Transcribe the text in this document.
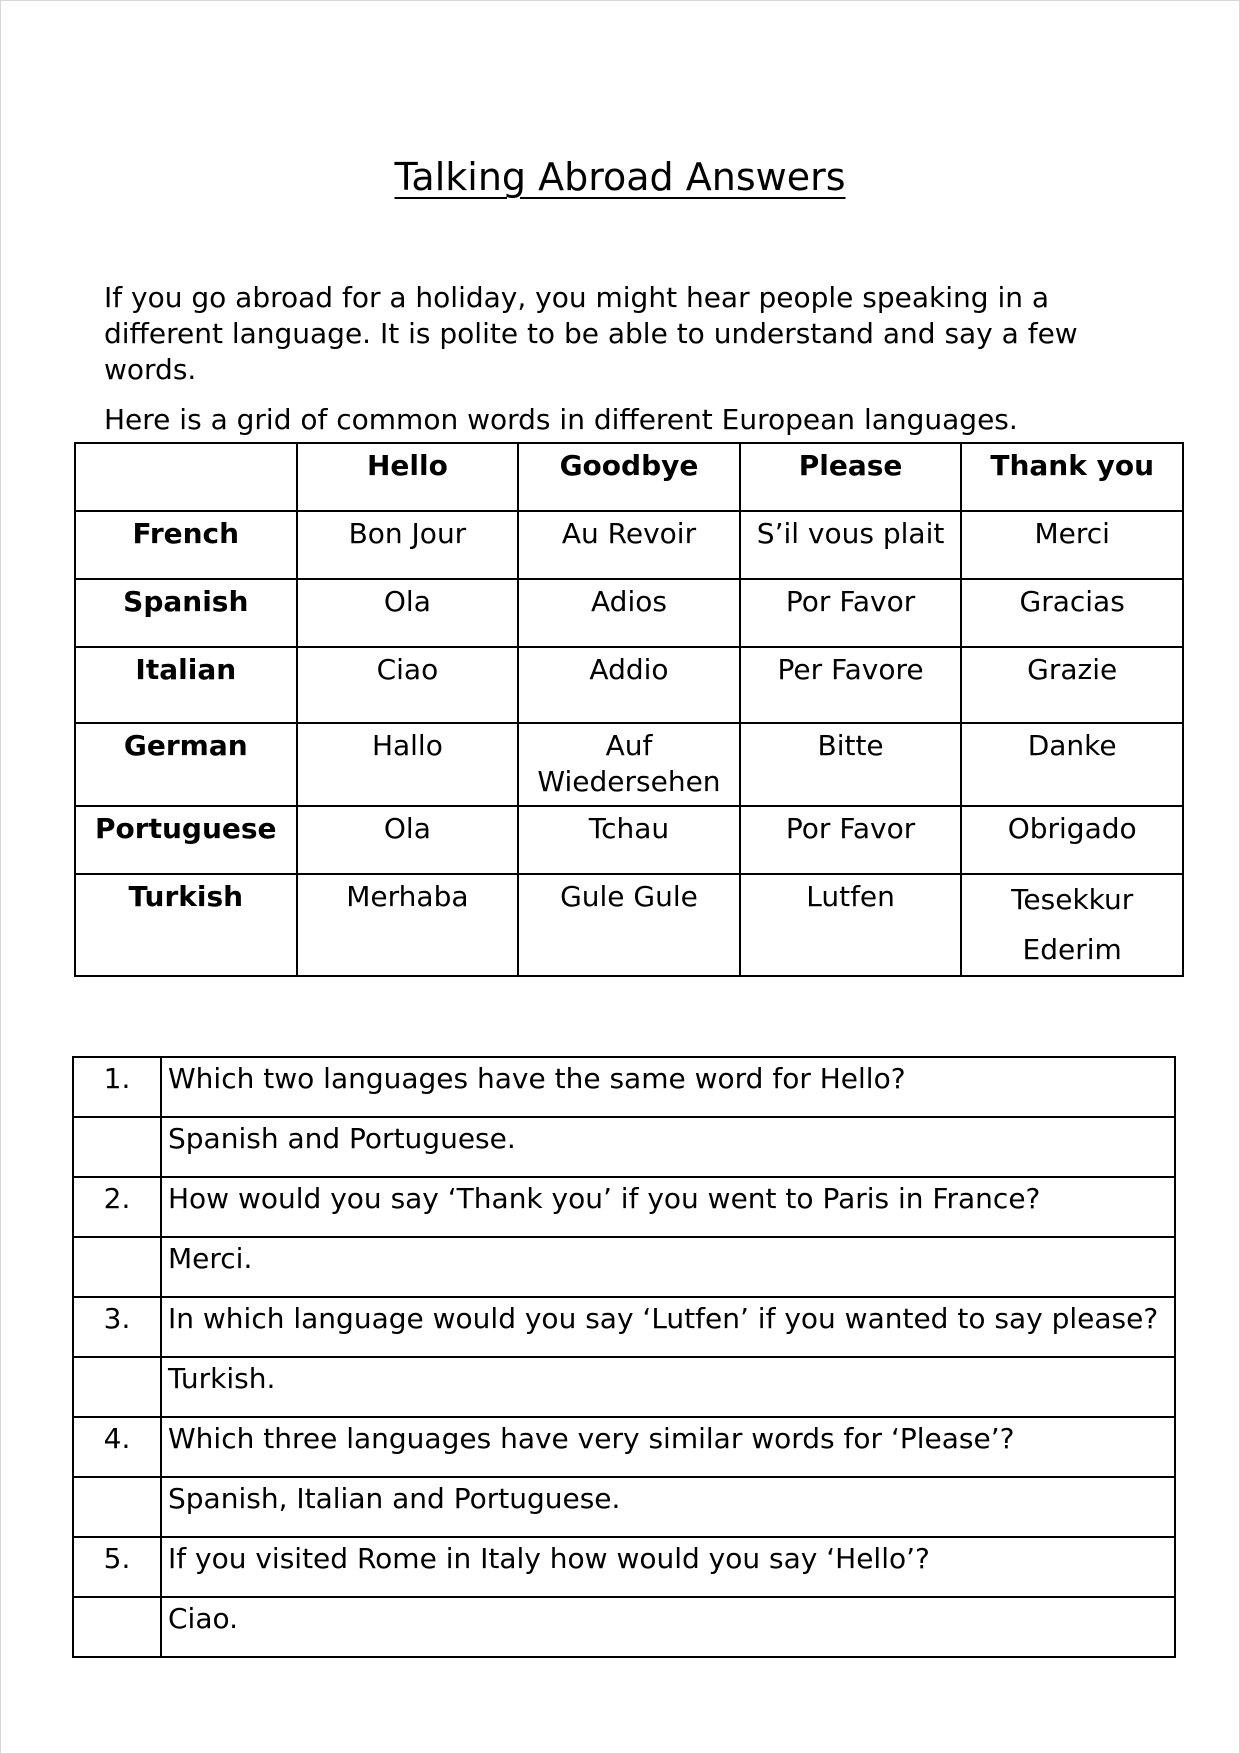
Talking Abroad Answers

If you go abroad for a holiday, you might hear people speaking in a different language. It is polite to be able to understand and say a few words.

Here is a grid of common words in different European languages.

	Hello	Goodbye	Please	Thank you
French	Bon Jour	Au Revoir	S’il vous plait	Merci
Spanish	Ola	Adios	Por Favor	Gracias
Italian	Ciao	Addio	Per Favore	Grazie
German	Hallo	Auf Wiedersehen	Bitte	Danke
Portuguese	Ola	Tchau	Por Favor	Obrigado
Turkish	Merhaba	Gule Gule	Lutfen	Tesekkur Ederim
1.	Which two languages have the same word for Hello?
	Spanish and Portuguese.
2.	How would you say ‘Thank you’ if you went to Paris in France?
	Merci.
3.	In which language would you say ‘Lutfen’ if you wanted to say please?
	Turkish.
4.	Which three languages have very similar words for ‘Please’?
	Spanish, Italian and Portuguese.
5.	If you visited Rome in Italy how would you say ‘Hello’?
	Ciao.
